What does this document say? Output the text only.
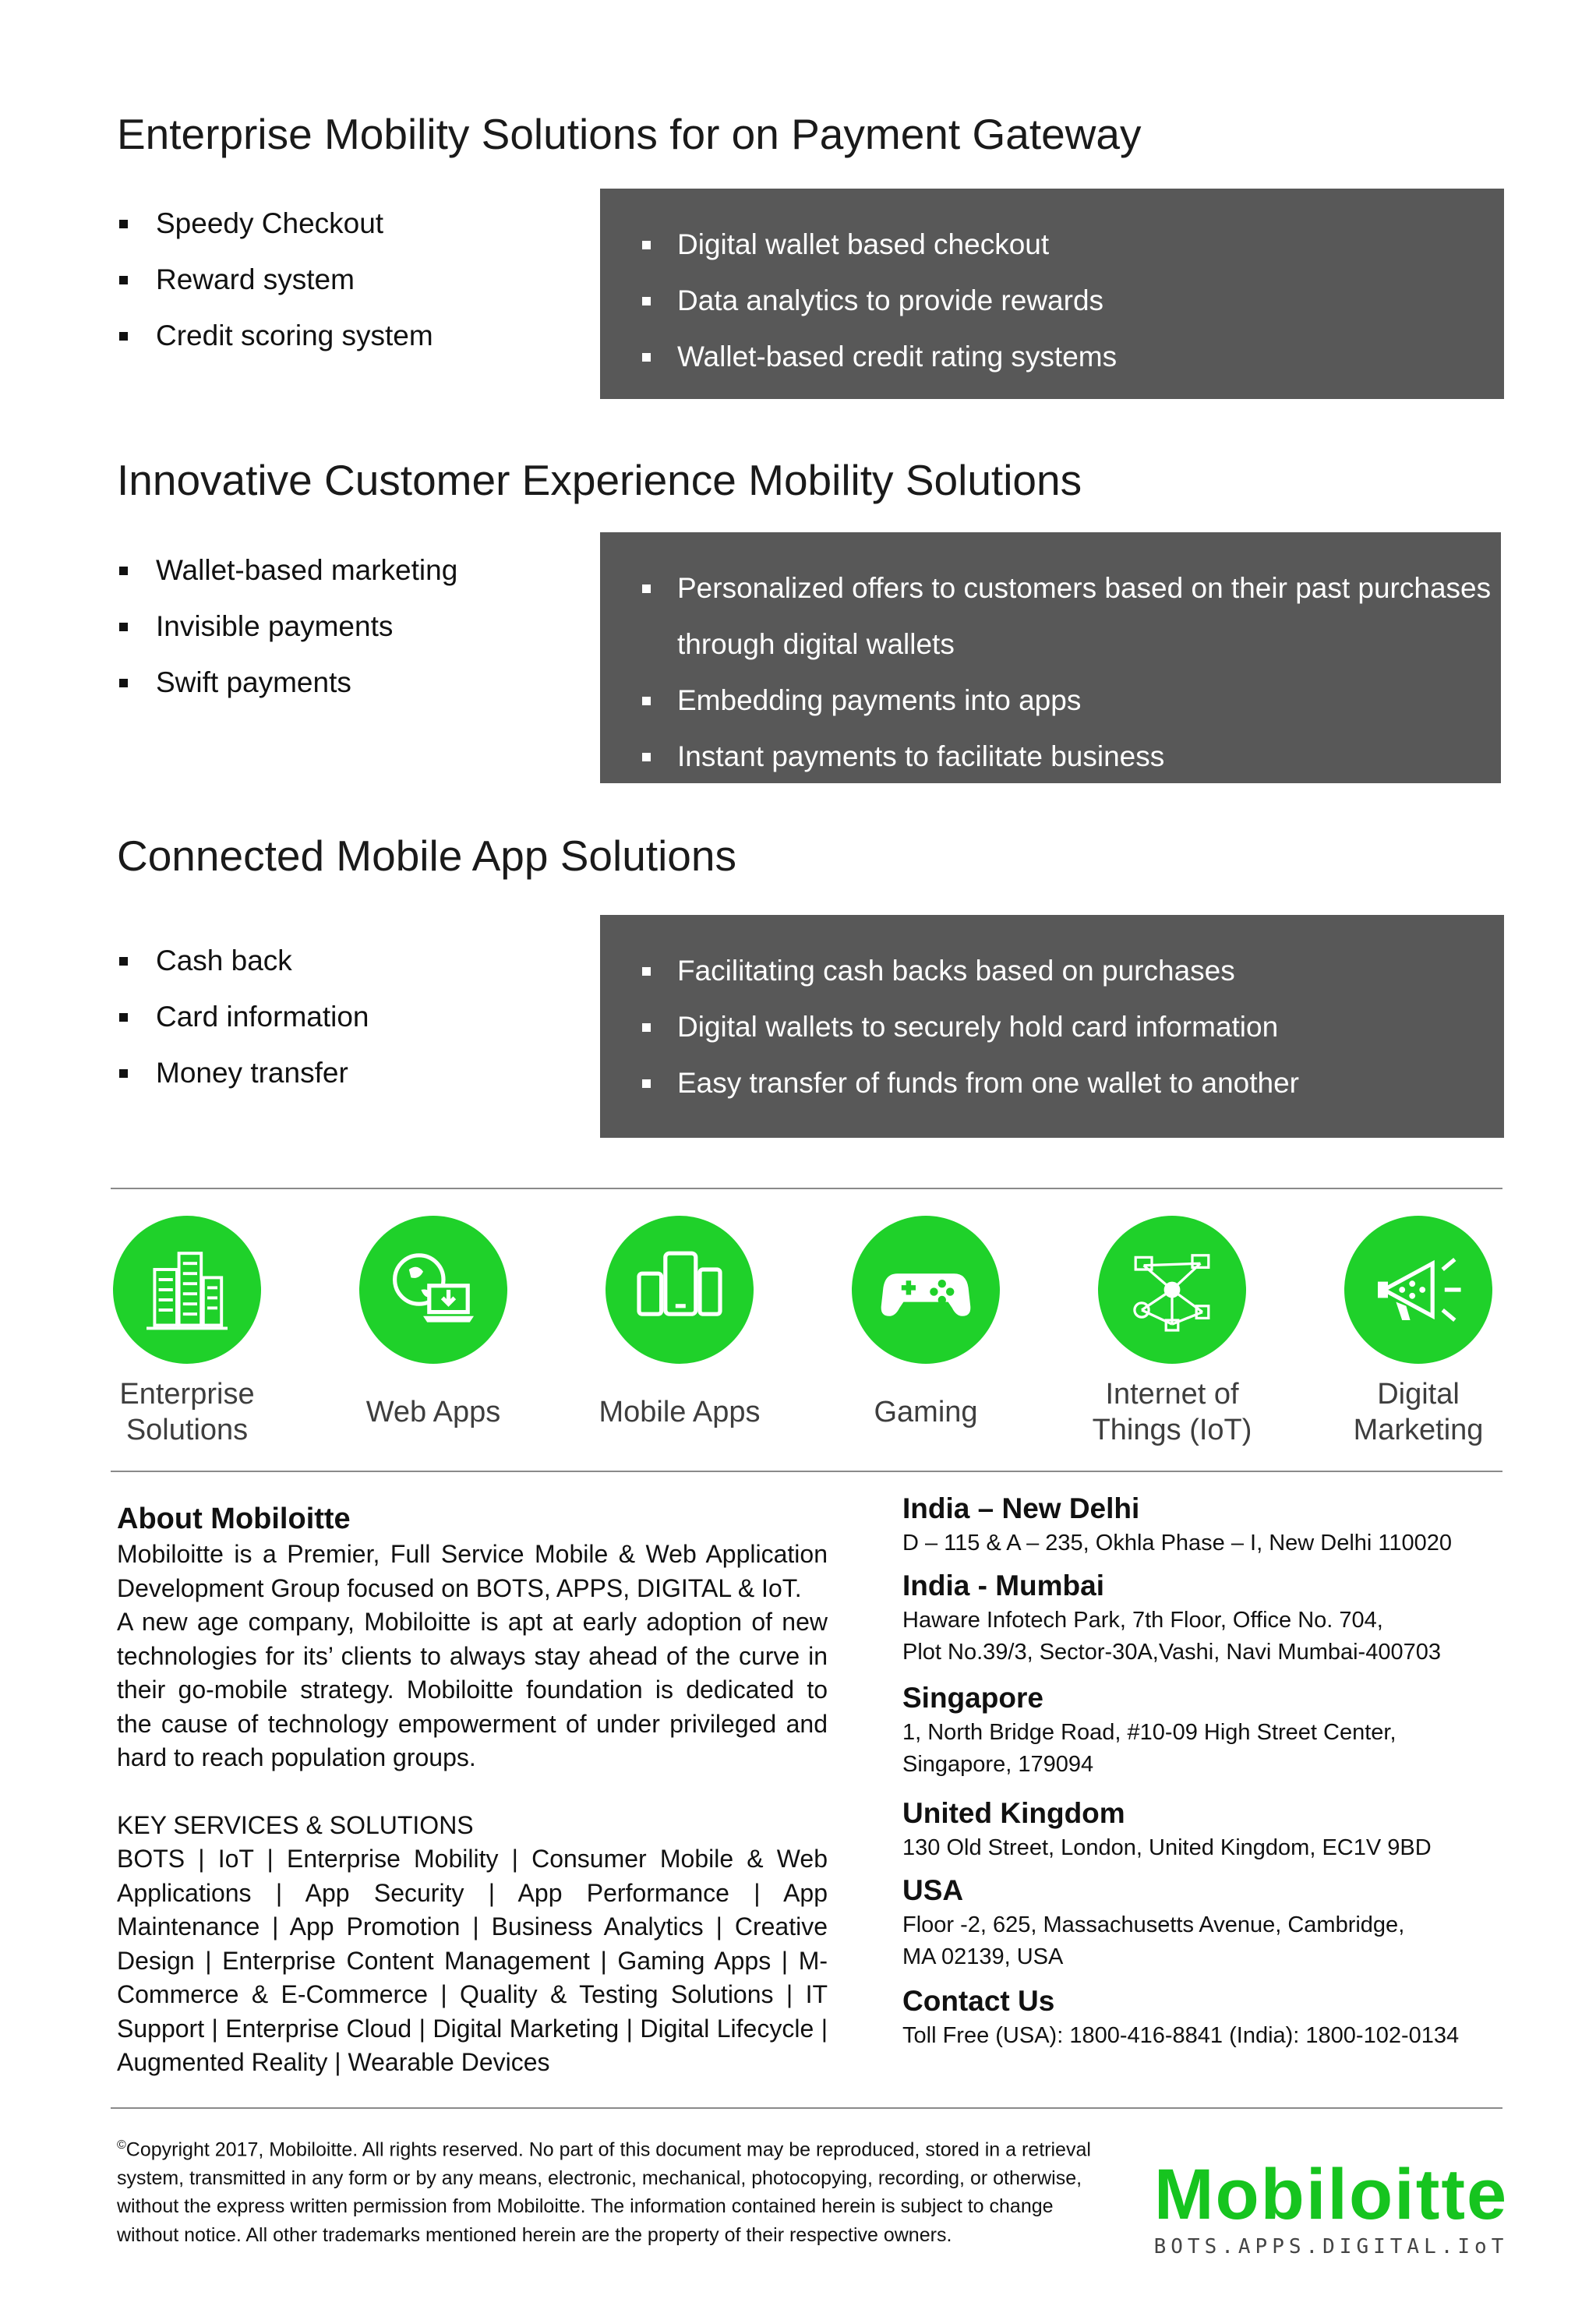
Enterprise Mobility Solutions for on Payment Gateway
Speedy Checkout
Reward system
Credit scoring system
Digital wallet based checkout
Data analytics to provide rewards
Wallet-based credit rating systems
Innovative Customer Experience Mobility Solutions
Wallet-based marketing
Invisible payments
Swift payments
Personalized offers to customers based on their past purchases through digital wallets
Embedding payments into apps
Instant payments to facilitate business
Connected Mobile App Solutions
Cash back
Card information
Money transfer
Facilitating cash backs based on purchases
Digital wallets to securely hold card information
Easy transfer of funds from one wallet to another
Enterprise Solutions
Web Apps	Mobile Apps	Gaming
Internet of Things (IoT)
Digital Marketing
About Mobiloitte

Mobiloitte is a Premier, Full Service Mobile & Web Application Development Group focused on BOTS, APPS, DIGITAL & IoT.

A new age company, Mobiloitte is apt at early adoption of new technologies for its’ clients to always stay ahead of the curve in their go-mobile strategy. Mobiloitte foundation is dedicated to the cause of technology empowerment of under privileged and hard to reach population groups.

KEY SERVICES & SOLUTIONS

BOTS | IoT | Enterprise Mobility | Consumer Mobile & Web Applications | App Security | App Performance | App Maintenance | App Promotion | Business Analytics | Creative Design | Enterprise Content Management | Gaming Apps | M-Commerce & E-Commerce | Quality & Testing Solutions | IT Support | Enterprise Cloud | Digital Marketing | Digital Lifecycle | Augmented Reality | Wearable Devices

India – New Delhi

D – 115 & A – 235, Okhla Phase – I, New Delhi 110020

India - Mumbai

Haware Infotech Park, 7th Floor, Office No. 704,
Plot No.39/3, Sector-30A,Vashi, Navi Mumbai-400703

Singapore

1, North Bridge Road, #10-09 High Street Center,
Singapore, 179094

United Kingdom

130 Old Street, London, United Kingdom, EC1V 9BD

USA

Floor -2, 625, Massachusetts Avenue, Cambridge,
MA 02139, USA

Contact Us

Toll Free (USA): 1800-416-8841 (India): 1800-102-0134

©Copyright 2017, Mobiloitte. All rights reserved. No part of this document may be reproduced, stored in a retrieval system, transmitted in any form or by any means, electronic, mechanical, photocopying, recording, or otherwise, without the express written permission from Mobiloitte. The information contained herein is subject to change without notice. All other trademarks mentioned herein are the property of their respective owners.
Mobiloitte
BOTS.APPS.DIGITAL.IoT
